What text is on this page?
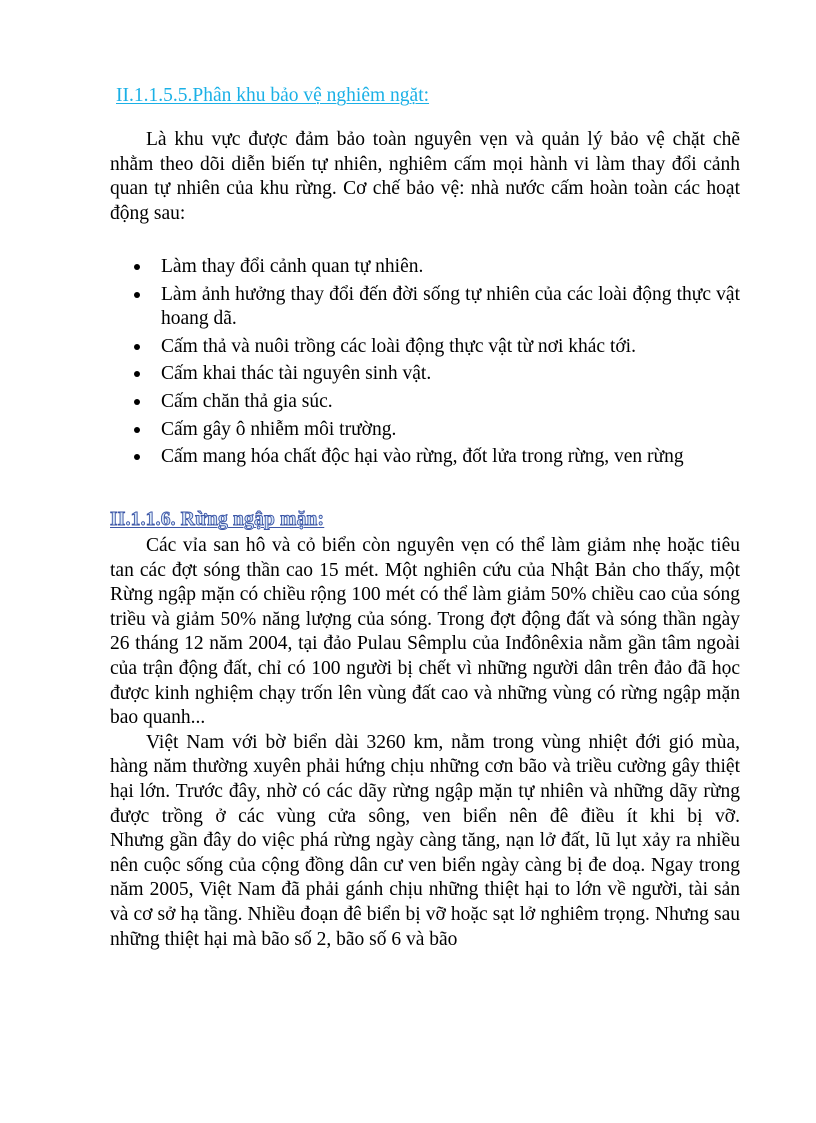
II.1.1.5.5.Phân khu bảo vệ nghiêm ngặt:

Là khu vực được đảm bảo toàn nguyên vẹn và quản lý bảo vệ chặt chẽ nhằm theo dõi diễn biến tự nhiên, nghiêm cấm mọi hành vi làm thay đổi cảnh quan tự nhiên của khu rừng. Cơ chế bảo vệ: nhà nước cấm hoàn toàn các hoạt động sau:

Làm thay đổi cảnh quan tự nhiên.
Làm ảnh hưởng thay đổi đến đời sống tự nhiên của các loài động thực vật hoang dã.
Cấm thả và nuôi trồng các loài động thực vật từ nơi khác tới.
Cấm khai thác tài nguyên sinh vật.
Cấm chăn thả gia súc.
Cấm gây ô nhiễm môi trường.
Cấm mang hóa chất độc hại vào rừng, đốt lửa trong rừng, ven rừng
II.1.1.6. Rừng ngập mặn:

Các vỉa san hô và cỏ biển còn nguyên vẹn có thể làm giảm nhẹ hoặc tiêu tan các đợt sóng thần cao 15 mét. Một nghiên cứu của Nhật Bản cho thấy, một Rừng ngập mặn có chiều rộng 100 mét có thể làm giảm 50% chiều cao của sóng triều và giảm 50% năng lượng của sóng. Trong đợt động đất và sóng thần ngày 26 tháng 12 năm 2004, tại đảo Pulau Sêmplu của Inđônêxia nằm gần tâm ngoài của trận động đất, chỉ có 100 người bị chết vì những người dân trên đảo đã học được kinh nghiệm chạy trốn lên vùng đất cao và những vùng có rừng ngập mặn bao quanh...

Việt Nam với bờ biển dài 3260 km, nằm trong vùng nhiệt đới gió mùa, hàng năm thường xuyên phải hứng chịu những cơn bão và triều cường gây thiệt hại lớn. Trước đây, nhờ có các dãy rừng ngập mặn tự nhiên và những dãy rừng được trồng ở các vùng cửa sông, ven biển nên đê điều ít khi bị vỡ.

Nhưng gần đây do việc phá rừng ngày càng tăng, nạn lở đất, lũ lụt xảy ra nhiều nên cuộc sống của cộng đồng dân cư ven biển ngày càng bị đe doạ. Ngay trong năm 2005, Việt Nam đã phải gánh chịu những thiệt hại to lớn về người, tài sản và cơ sở hạ tầng. Nhiều đoạn đê biển bị vỡ hoặc sạt lở nghiêm trọng. Nhưng sau những thiệt hại mà bão số 2, bão số 6 và bão
